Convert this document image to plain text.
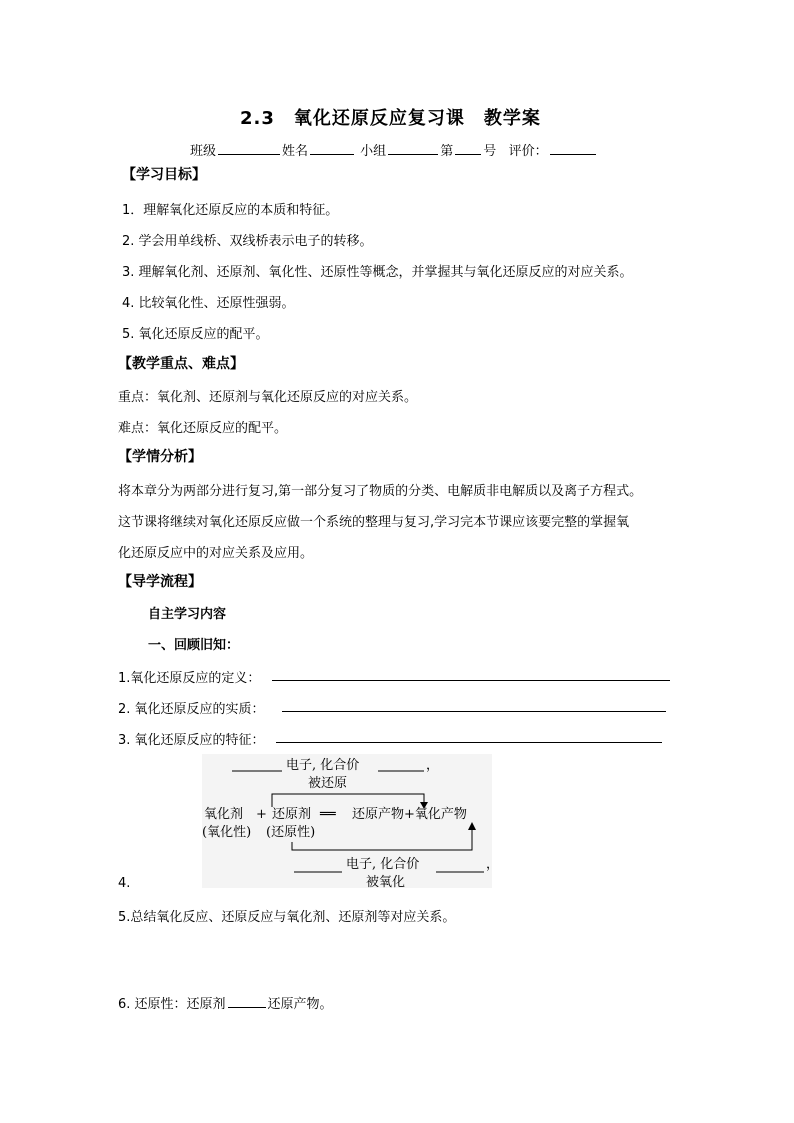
2.3　氧化还原反应复习课　教学案
班级	姓名	小组	第 号 评价：
【学习目标】
1．理解氧化还原反应的本质和特征。
2. 学会用单线桥、双线桥表示电子的转移。
3. 理解氧化剂、还原剂、氧化性、还原性等概念，并掌握其与氧化还原反应的对应关系。
4. 比较氧化性、还原性强弱。
5. 氧化还原反应的配平。
【教学重点、难点】
重点：氧化剂、还原剂与氧化还原反应的对应关系。
难点：氧化还原反应的配平。
【学情分析】
将本章分为两部分进行复习,第一部分复习了物质的分类、电解质非电解质以及离子方程式。
这节课将继续对氧化还原反应做一个系统的整理与复习,学习完本节课应该要完整的掌握氧
化还原反应中的对应关系及应用。
【导学流程】
自主学习内容
一、回顾旧知：
1.氧化还原反应的定义：
2. 氧化还原反应的实质：
3. 氧化还原反应的特征：
4.
电子, 化合价	，
被还原
氧化剂 + 还原剂 ══ 还原产物+氧化产物
(氧化性) (还原性)
电子, 化合价	，
被氧化
5.总结氧化反应、还原反应与氧化剂、还原剂等对应关系。
6. 还原性：还原剂	还原产物。
